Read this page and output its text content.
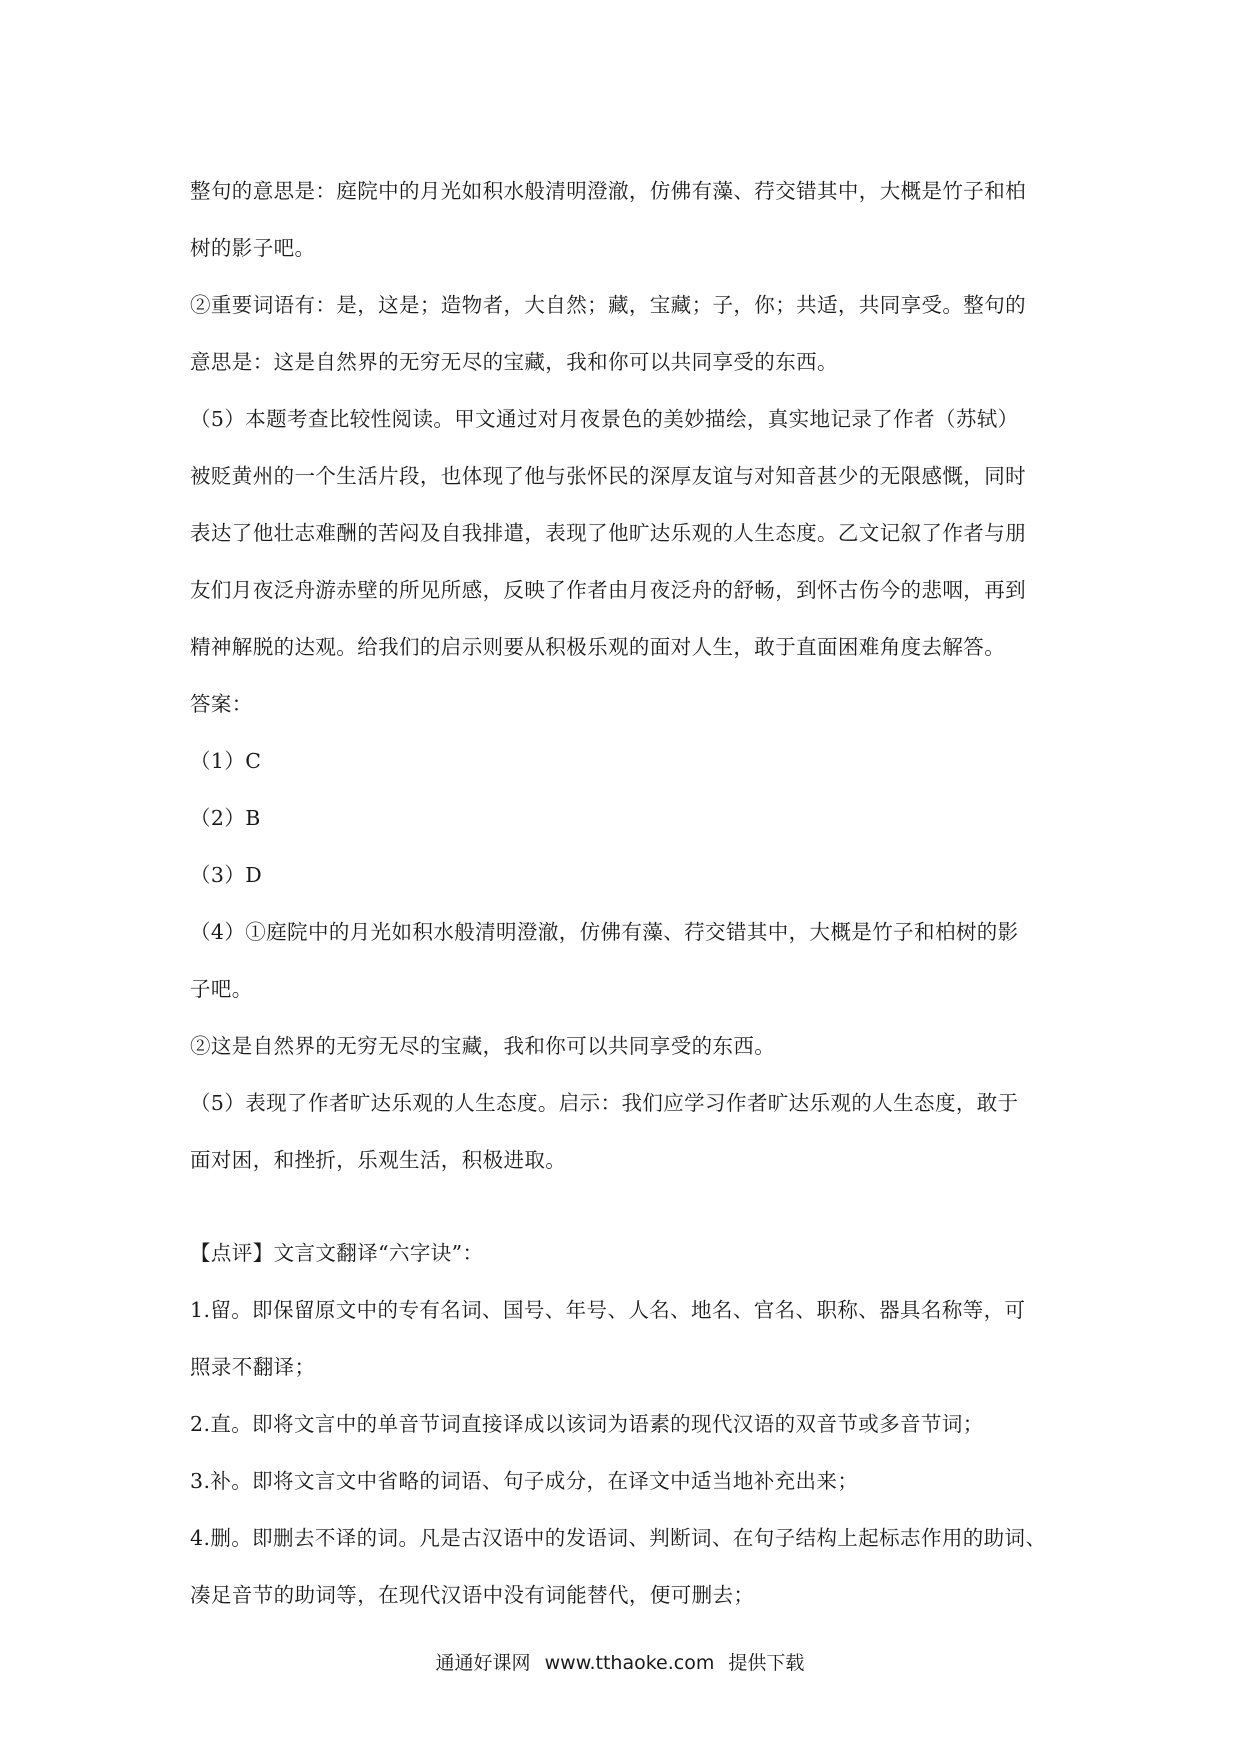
整句的意思是：庭院中的月光如积水般清明澄澈，仿佛有藻、荇交错其中，大概是竹子和柏
树的影子吧。
②重要词语有：是，这是；造物者，大自然；藏，宝藏；子，你；共适，共同享受。整句的
意思是：这是自然界的无穷无尽的宝藏，我和你可以共同享受的东西。
（5）本题考查比较性阅读。甲文通过对月夜景色的美妙描绘，真实地记录了作者（苏轼）
被贬黄州的一个生活片段，也体现了他与张怀民的深厚友谊与对知音甚少的无限感慨，同时
表达了他壮志难酬的苦闷及自我排遣，表现了他旷达乐观的人生态度。乙文记叙了作者与朋
友们月夜泛舟游赤壁的所见所感，反映了作者由月夜泛舟的舒畅，到怀古伤今的悲咽，再到
精神解脱的达观。给我们的启示则要从积极乐观的面对人生，敢于直面困难角度去解答。
答案：
（1）C
（2）B
（3）D
（4）①庭院中的月光如积水般清明澄澈，仿佛有藻、荇交错其中，大概是竹子和柏树的影
子吧。
②这是自然界的无穷无尽的宝藏，我和你可以共同享受的东西。
（5）表现了作者旷达乐观的人生态度。启示：我们应学习作者旷达乐观的人生态度，敢于
面对困，和挫折，乐观生活，积极进取。
【点评】文言文翻译“六字诀”：
1.留。即保留原文中的专有名词、国号、年号、人名、地名、官名、职称、器具名称等，可
照录不翻译；
2.直。即将文言中的单音节词直接译成以该词为语素的现代汉语的双音节或多音节词；
3.补。即将文言文中省略的词语、句子成分，在译文中适当地补充出来；
4.删。即删去不译的词。凡是古汉语中的发语词、判断词、在句子结构上起标志作用的助词、
凑足音节的助词等，在现代汉语中没有词能替代，便可删去；
通通好课网 www.tthaoke.com 提供下载
